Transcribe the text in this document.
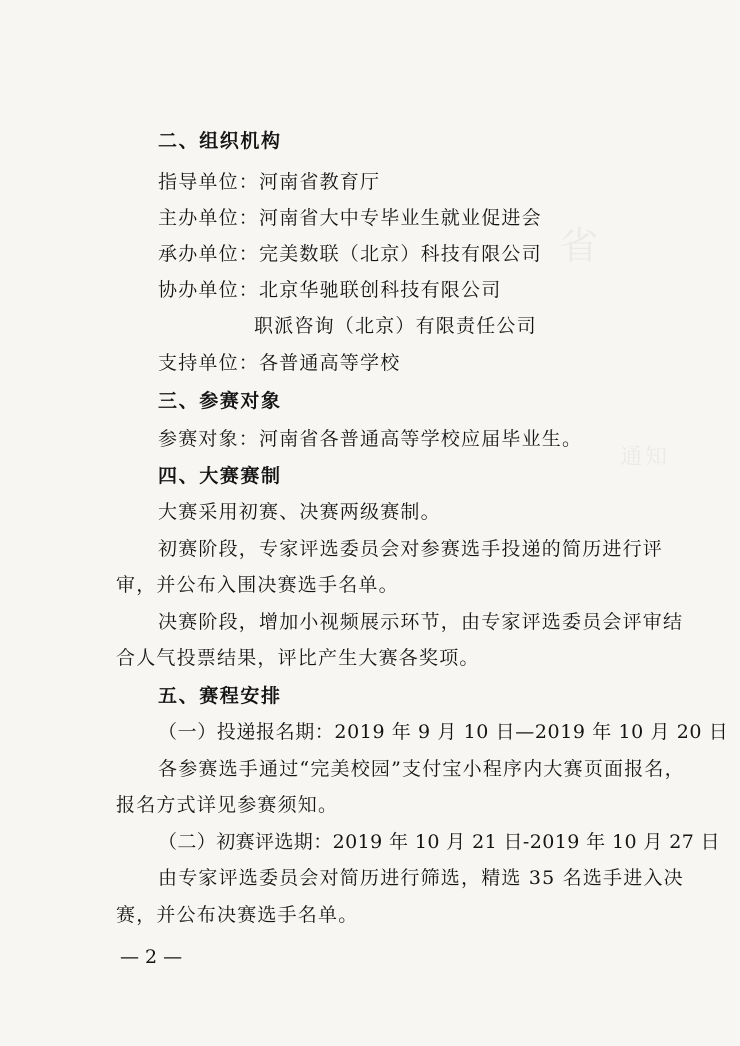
省
通知
二、组织机构
指导单位：河南省教育厅
主办单位：河南省大中专毕业生就业促进会
承办单位：完美数联（北京）科技有限公司
协办单位：北京华驰联创科技有限公司
职派咨询（北京）有限责任公司
支持单位：各普通高等学校
三、参赛对象
参赛对象：河南省各普通高等学校应届毕业生。
四、大赛赛制
大赛采用初赛、决赛两级赛制。
初赛阶段，专家评选委员会对参赛选手投递的简历进行评
审，并公布入围决赛选手名单。
决赛阶段，增加小视频展示环节，由专家评选委员会评审结
合人气投票结果，评比产生大赛各奖项。
五、赛程安排
（一）投递报名期：2019 年 9 月 10 日—2019 年 10 月 20 日
各参赛选手通过“完美校园”支付宝小程序内大赛页面报名，
报名方式详见参赛须知。
（二）初赛评选期：2019 年 10 月 21 日-2019 年 10 月 27 日
由专家评选委员会对简历进行筛选，精选 35 名选手进入决
赛，并公布决赛选手名单。
— 2 —
